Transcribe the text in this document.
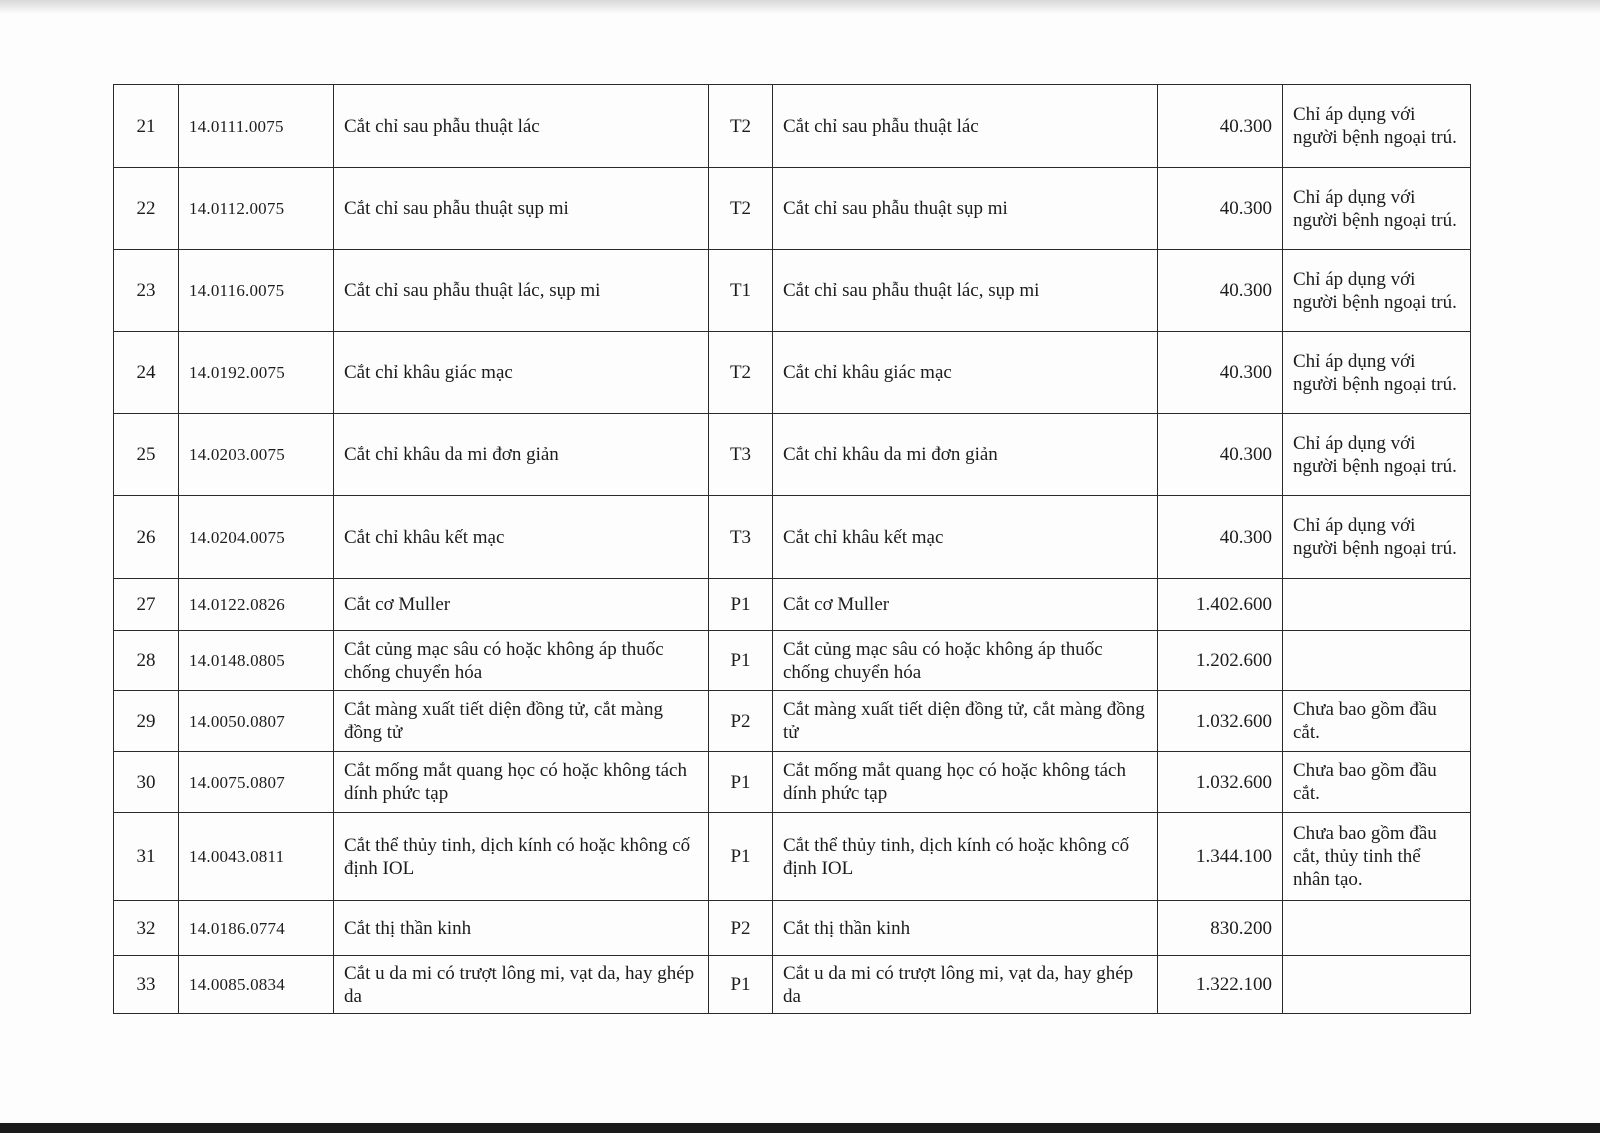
21	14.0111.0075	Cắt chỉ sau phẫu thuật lác	T2	Cắt chỉ sau phẫu thuật lác	40.300	Chỉ áp dụng với người bệnh ngoại trú.
22	14.0112.0075	Cắt chỉ sau phẫu thuật sụp mi	T2	Cắt chỉ sau phẫu thuật sụp mi	40.300	Chỉ áp dụng với người bệnh ngoại trú.
23	14.0116.0075	Cắt chỉ sau phẫu thuật lác, sụp mi	T1	Cắt chỉ sau phẫu thuật lác, sụp mi	40.300	Chỉ áp dụng với người bệnh ngoại trú.
24	14.0192.0075	Cắt chỉ khâu giác mạc	T2	Cắt chỉ khâu giác mạc	40.300	Chỉ áp dụng với người bệnh ngoại trú.
25	14.0203.0075	Cắt chỉ khâu da mi đơn giản	T3	Cắt chỉ khâu da mi đơn giản	40.300	Chỉ áp dụng với người bệnh ngoại trú.
26	14.0204.0075	Cắt chỉ khâu kết mạc	T3	Cắt chỉ khâu kết mạc	40.300	Chỉ áp dụng với người bệnh ngoại trú.
27	14.0122.0826	Cắt cơ Muller	P1	Cắt cơ Muller	1.402.600	
28	14.0148.0805	Cắt củng mạc sâu có hoặc không áp thuốc chống chuyển hóa	P1	Cắt củng mạc sâu có hoặc không áp thuốc chống chuyển hóa	1.202.600	
29	14.0050.0807	Cắt màng xuất tiết diện đồng tử, cắt màng đồng tử	P2	Cắt màng xuất tiết diện đồng tử, cắt màng đồng tử	1.032.600	Chưa bao gồm đầu cắt.
30	14.0075.0807	Cắt mống mắt quang học có hoặc không tách dính phức tạp	P1	Cắt mống mắt quang học có hoặc không tách dính phức tạp	1.032.600	Chưa bao gồm đầu cắt.
31	14.0043.0811	Cắt thể thủy tinh, dịch kính có hoặc không cố định IOL	P1	Cắt thể thủy tinh, dịch kính có hoặc không cố định IOL	1.344.100	Chưa bao gồm đầu cắt, thủy tinh thể nhân tạo.
32	14.0186.0774	Cắt thị thần kinh	P2	Cắt thị thần kinh	830.200	
33	14.0085.0834	Cắt u da mi có trượt lông mi, vạt da, hay ghép da	P1	Cắt u da mi có trượt lông mi, vạt da, hay ghép da	1.322.100	
